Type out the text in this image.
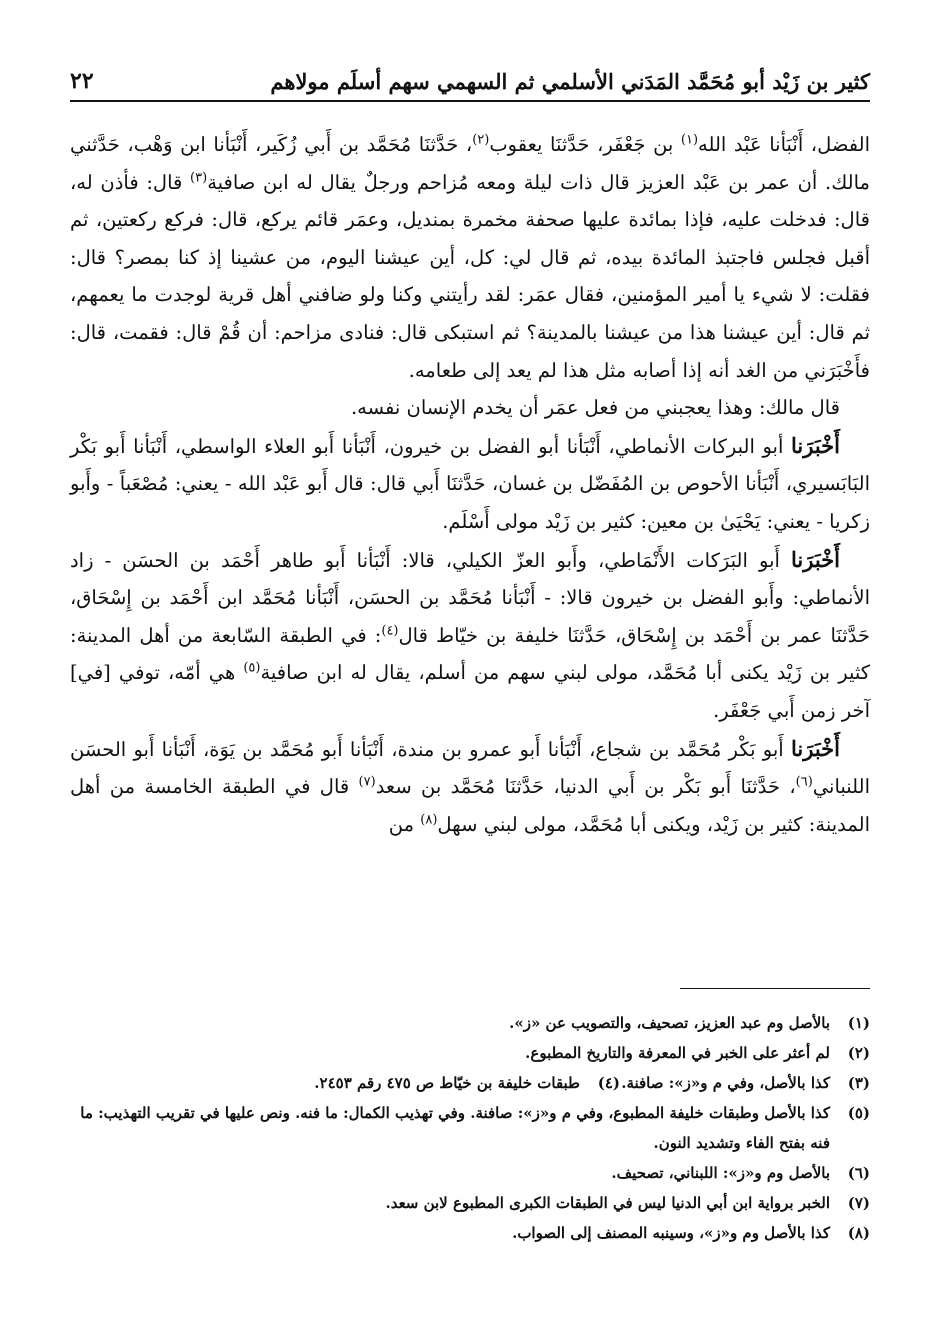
كثير بن زَيْد أبو مُحَمَّد المَدَني الأسلمي ثم السهمي سهم أسلَم مولاهم
٢٢

الفضل، أَنْبَأنا عَبْد الله$^{(١)}$ بن جَعْفَر، حَدَّثنَا يعقوب$^{(٢)}$، حَدَّثنَا مُحَمَّد بن أَبي زُكَير، أَنْبَأنا ابن وَهْب، حَدَّثني مالك. أن عمر بن عَبْد العزيز قال ذات ليلة ومعه مُزاحم ورجلٌ يقال له ابن صافية$^{(٣)}$ قال: فأذن له، قال: فدخلت عليه، فإذا بمائدة عليها صحفة مخمرة بمنديل، وعمَر قائم يركع، قال: فركع ركعتين، ثم أقبل فجلس فاجتبذ المائدة بيده، ثم قال لي: كل، أين عيشنا اليوم، من عشينا إذ كنا بمصر؟ قال: فقلت: لا شيء يا أمير المؤمنين، فقال عمَر: لقد رأيتني وكنا ولو ضافني أهل قرية لوجدت ما يعمهم، ثم قال: أين عيشنا هذا من عيشنا بالمدينة؟ ثم استبكى قال: فنادى مزاحم: أن قُمْ قال: فقمت، قال: فأَخْبَرَني من الغد أنه إذا أصابه مثل هذا لم يعد إلى طعامه.

قال مالك: وهذا يعجبني من فعل عمَر أن يخدم الإنسان نفسه.

أَخْبَرَنا أبو البركات الأنماطي، أَنْبَأنا أبو الفضل بن خيرون، أَنْبَأنا أَبو العلاء الواسطي، أَنْبَأنا أَبو بَكْر البَابَسيري، أَنْبَأنا الأحوص بن المُفَضّل بن غسان، حَدَّثنَا أَبي قال: قال أَبو عَبْد الله - يعني: مُصْعَباً - وأَبو زكريا - يعني: يَحْيَىٰ بن معين: كثير بن زَيْد مولى أَسْلَم.

أَخْبَرَنا أَبو البَرَكات الأَنْمَاطي، وأَبو العزّ الكيلي، قالا: أَنْبَأنا أَبو طاهر أَحْمَد بن الحسَن - زاد الأنماطي: وأَبو الفضل بن خيرون قالا: - أَنْبَأنا مُحَمَّد بن الحسَن، أَنْبَأنا مُحَمَّد ابن أَحْمَد بن إِسْحَاق، حَدَّثنَا عمر بن أَحْمَد بن إِسْحَاق، حَدَّثنَا خليفة بن خيّاط قال$^{(٤)}$: في الطبقة السّابعة من أهل المدينة: كثير بن زَيْد يكنى أبا مُحَمَّد، مولى لبني سهم من أسلم، يقال له ابن صافية$^{(٥)}$ هي أمّه، توفي [في] آخر زمن أَبي جَعْفَر.

أَخْبَرَنا أَبو بَكْر مُحَمَّد بن شجاع، أَنْبَأنا أَبو عمرو بن مندة، أَنْبَأنا أَبو مُحَمَّد بن يَوَة، أَنْبَأنا أَبو الحسَن اللنباني$^{(٦)}$، حَدَّثنَا أَبو بَكْر بن أَبي الدنيا، حَدَّثنَا مُحَمَّد بن سعد$^{(٧)}$ قال في الطبقة الخامسة من أهل المدينة: كثير بن زَيْد، ويكنى أبا مُحَمَّد، مولى لبني سهل$^{(٨)}$ من

(١)
بالأصل وم عبد العزيز، تصحيف، والتصويب عن «ز».
(٢)
لم أعثر على الخبر في المعرفة والتاريخ المطبوع.
(٣)
كذا بالأصل، وفي م و«ز»: صافنة.
(٤)
طبقات خليفة بن خيّاط ص ٤٧٥ رقم ٢٤٥٣.
(٥)
كذا بالأصل وطبقات خليفة المطبوع، وفي م و«ز»: صافنة. وفي تهذيب الكمال: ما فنه. ونص عليها في تقريب التهذيب: ما فنه بفتح الفاء وتشديد النون.
(٦)
بالأصل وم و«ز»: اللبناني، تصحيف.
(٧)
الخبر برواية ابن أبي الدنيا ليس في الطبقات الكبرى المطبوع لابن سعد.
(٨)
كذا بالأصل وم و«ز»، وسينبه المصنف إلى الصواب.
